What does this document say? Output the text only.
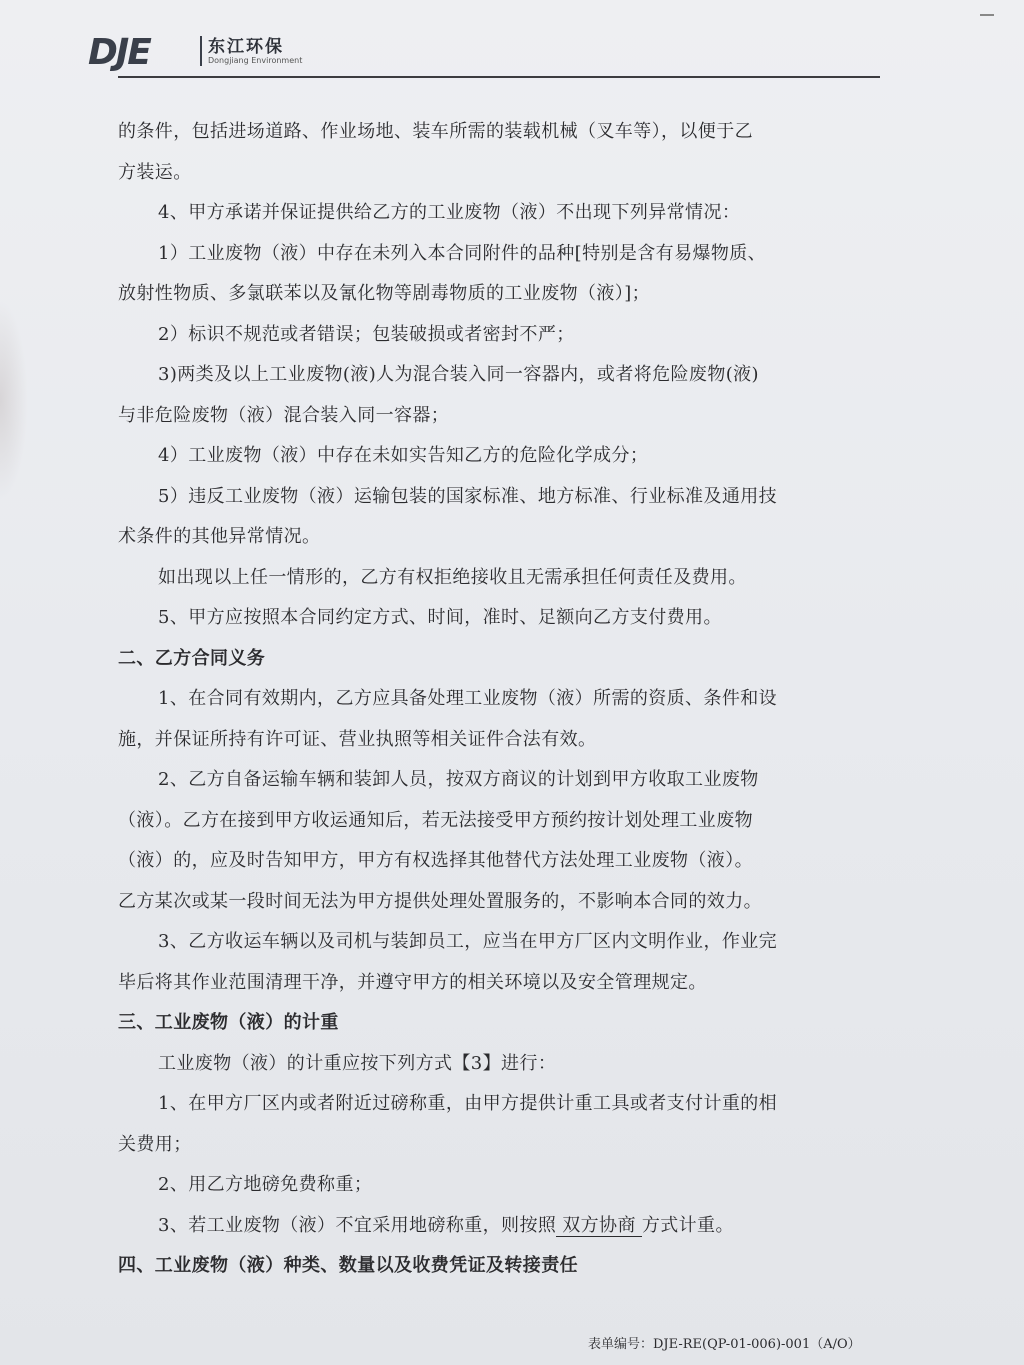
DJE	东江环保
Dongjiang Environment
的条件，包括进场道路、作业场地、装车所需的装载机械（叉车等），以便于乙
方装运。
4、甲方承诺并保证提供给乙方的工业废物（液）不出现下列异常情况：
1）工业废物（液）中存在未列入本合同附件的品种[特别是含有易爆物质、
放射性物质、多氯联苯以及氰化物等剧毒物质的工业废物（液）]；
2）标识不规范或者错误；包装破损或者密封不严；
3)两类及以上工业废物(液)人为混合装入同一容器内，或者将危险废物(液)
与非危险废物（液）混合装入同一容器；
4）工业废物（液）中存在未如实告知乙方的危险化学成分；
5）违反工业废物（液）运输包装的国家标准、地方标准、行业标准及通用技
术条件的其他异常情况。
如出现以上任一情形的，乙方有权拒绝接收且无需承担任何责任及费用。
5、甲方应按照本合同约定方式、时间，准时、足额向乙方支付费用。
二、乙方合同义务
1、在合同有效期内，乙方应具备处理工业废物（液）所需的资质、条件和设
施，并保证所持有许可证、营业执照等相关证件合法有效。
2、乙方自备运输车辆和装卸人员，按双方商议的计划到甲方收取工业废物
（液）。乙方在接到甲方收运通知后，若无法接受甲方预约按计划处理工业废物
（液）的，应及时告知甲方，甲方有权选择其他替代方法处理工业废物（液）。
乙方某次或某一段时间无法为甲方提供处理处置服务的，不影响本合同的效力。
3、乙方收运车辆以及司机与装卸员工，应当在甲方厂区内文明作业，作业完
毕后将其作业范围清理干净，并遵守甲方的相关环境以及安全管理规定。
三、工业废物（液）的计重
工业废物（液）的计重应按下列方式【3】进行：
1、在甲方厂区内或者附近过磅称重，由甲方提供计重工具或者支付计重的相
关费用；
2、用乙方地磅免费称重；
3、若工业废物（液）不宜采用地磅称重，则按照 双方协商 方式计重。
四、工业废物（液）种类、数量以及收费凭证及转接责任
表单编号：DJE-RE(QP-01-006)-001（A/O）
